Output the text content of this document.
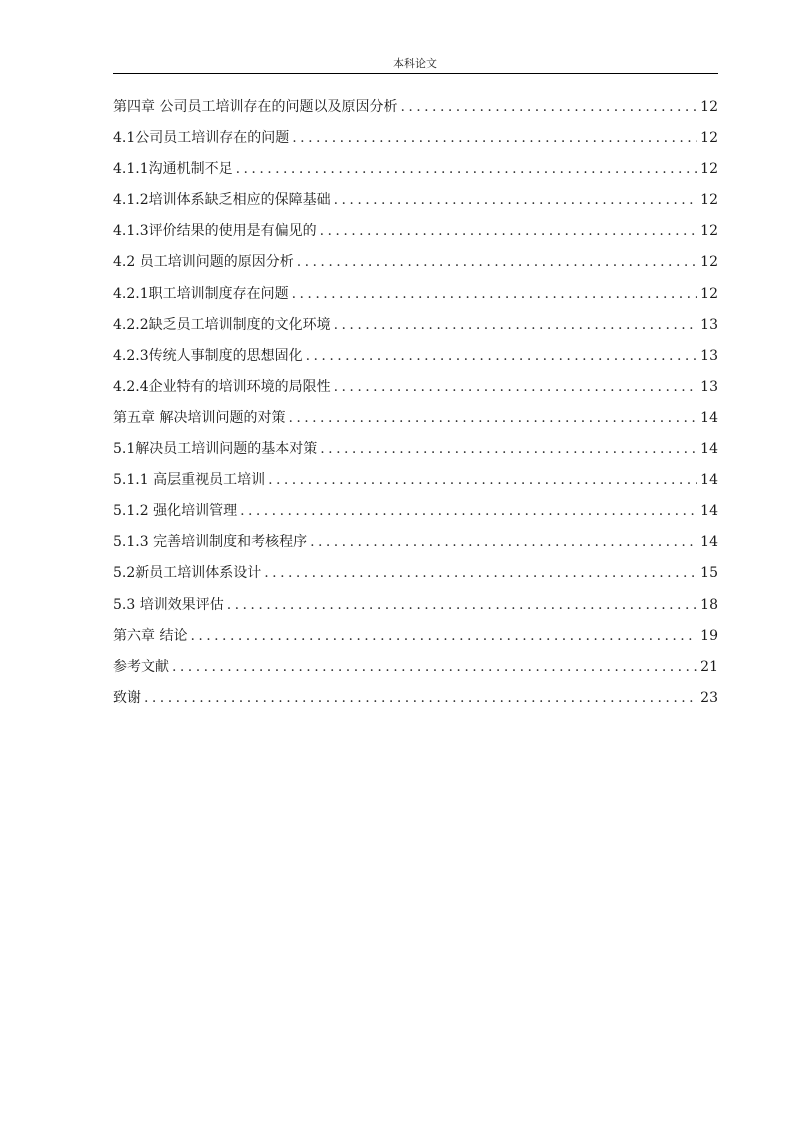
本科论文
第四章 公司员工培训存在的问题以及原因分析 . . .	12
4.1公司员工培训存在的问题 . . .	12
4.1.1沟通机制不足 . . .	12
4.1.2培训体系缺乏相应的保障基础 . . .	12
4.1.3评价结果的使用是有偏见的 . . .	12
4.2 员工培训问题的原因分析 . . .	12
4.2.1职工培训制度存在问题 . . .	12
4.2.2缺乏员工培训制度的文化环境 . . .	13
4.2.3传统人事制度的思想固化 . . .	13
4.2.4企业特有的培训环境的局限性 . . .	13
第五章 解决培训问题的对策 . . .	14
5.1解决员工培训问题的基本对策 . . .	14
5.1.1 高层重视员工培训 . . .	14
5.1.2 强化培训管理 . . .	14
5.1.3 完善培训制度和考核程序 . . .	14
5.2新员工培训体系设计 . . .	15
5.3 培训效果评估 . . .	18
第六章 结论 . . .	19
参考文献 . . .	21
致谢 . . .	23
